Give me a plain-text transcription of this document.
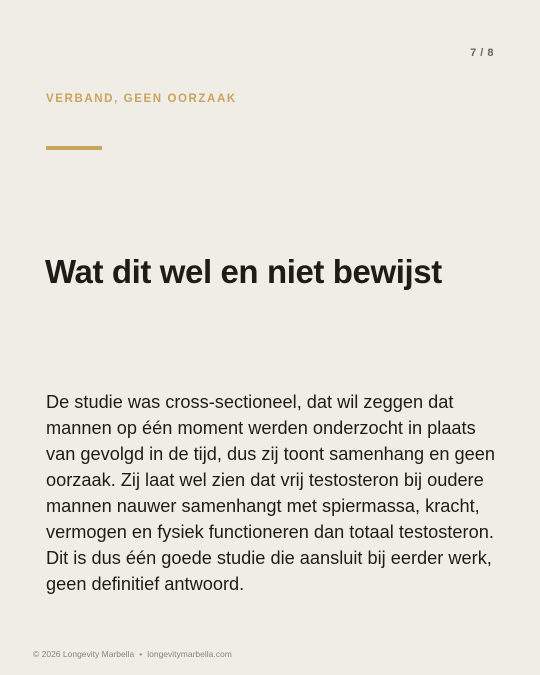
7 / 8
VERBAND, GEEN OORZAAK
Wat dit wel en niet bewijst

De studie was cross-sectioneel, dat wil zeggen dat mannen op één moment werden onderzocht in plaats van gevolgd in de tijd, dus zij toont samenhang en geen oorzaak. Zij laat wel zien dat vrij testosteron bij oudere mannen nauwer samenhangt met spiermassa, kracht, vermogen en fysiek functioneren dan totaal testosteron. Dit is dus één goede studie die aansluit bij eerder werk, geen definitief antwoord.

© 2026 Longevity Marbella • longevitymarbella.com
